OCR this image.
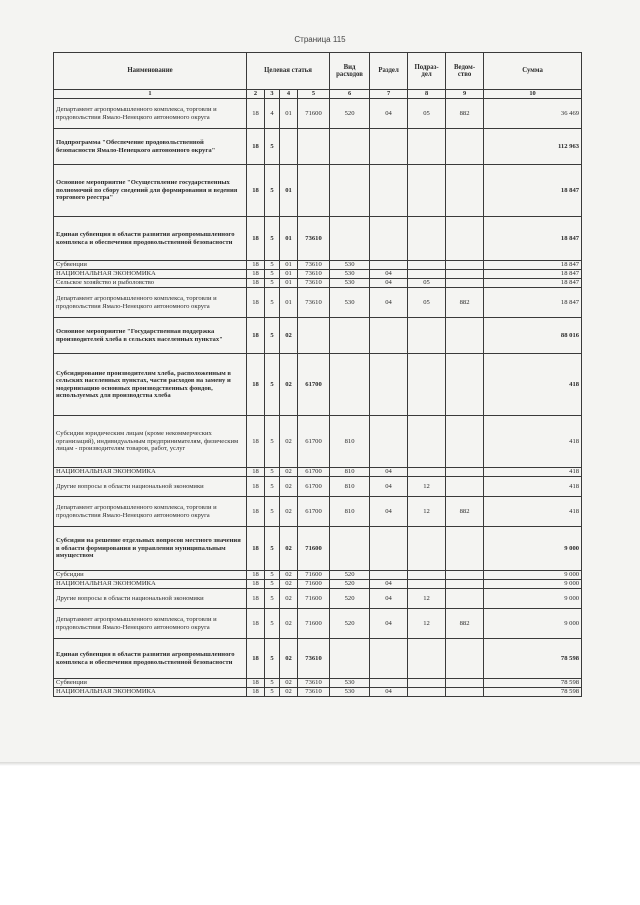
Страница 115
Наименование	Целевая статья				Вид расходов	Раздел	Подраз-дел	Ведом-ство	Сумма
1	2	3	4	5	6	7	8	9	10
Департамент агропромышленного комплекса, торговли и продовольствия Ямало-Ненецкого автономного округа	18	4	01	71600	520	04	05	882	36 469
Подпрограмма "Обеспечение продовольственной безопасности Ямало-Ненецкого автономного округа"	18	5							112 963
Основное мероприятие "Осуществление государственных полномочий по сбору сведений для формирования и ведения торгового реестра"	18	5	01						18 847
Единая субвенция в области развития агропромышленного комплекса и обеспечения продовольственной безопасности	18	5	01	73610					18 847
Субвенции	18	5	01	73610	530				18 847
НАЦИОНАЛЬНАЯ ЭКОНОМИКА	18	5	01	73610	530	04			18 847
Сельское хозяйство и рыболовство	18	5	01	73610	530	04	05		18 847
Департамент агропромышленного комплекса, торговли и продовольствия Ямало-Ненецкого автономного округа	18	5	01	73610	530	04	05	882	18 847
Основное мероприятие "Государственная поддержка производителей хлеба в сельских населенных пунктах"	18	5	02						88 016
Субсидирование производителям хлеба, расположенным в сельских населенных пунктах, части расходов на замену и модернизацию основных производственных фондов, используемых для производства хлеба	18	5	02	61700					418
Субсидии юридическим лицам (кроме некоммерческих организаций), индивидуальным предпринимателям, физическим лицам - производителям товаров, работ, услуг	18	5	02	61700	810				418
НАЦИОНАЛЬНАЯ ЭКОНОМИКА	18	5	02	61700	810	04			418
Другие вопросы в области национальной экономики	18	5	02	61700	810	04	12		418
Департамент агропромышленного комплекса, торговли и продовольствия Ямало-Ненецкого автономного округа	18	5	02	61700	810	04	12	882	418
Субсидии на решение отдельных вопросов местного значения в области формирования и управления муниципальным имуществом	18	5	02	71600					9 000
Субсидии	18	5	02	71600	520				9 000
НАЦИОНАЛЬНАЯ ЭКОНОМИКА	18	5	02	71600	520	04			9 000
Другие вопросы в области национальной экономики	18	5	02	71600	520	04	12		9 000
Департамент агропромышленного комплекса, торговли и продовольствия Ямало-Ненецкого автономного округа	18	5	02	71600	520	04	12	882	9 000
Единая субвенция в области развития агропромышленного комплекса и обеспечения продовольственной безопасности	18	5	02	73610					78 598
Субвенции	18	5	02	73610	530				78 598
НАЦИОНАЛЬНАЯ ЭКОНОМИКА	18	5	02	73610	530	04			78 598
